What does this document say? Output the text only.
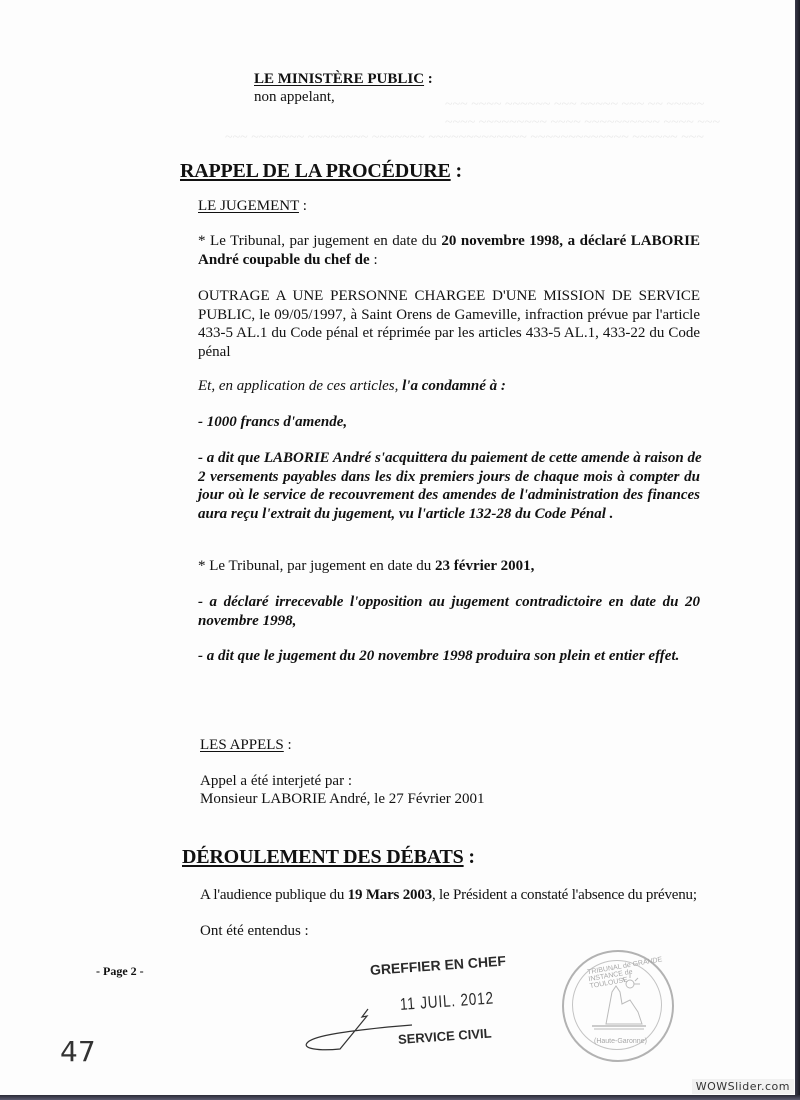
~~~ ~~~~ ~~~~~~ ~~~ ~~~~~ ~~~ ~~ ~~~~~
~~~~ ~~~~~~~~~ ~~~~ ~~~~~~~~~~ ~~~~ ~~~
~~~ ~~~~~~~ ~~~~~~~~ ~~~~~~~ ~~~~~~~~~~~~~ ~~~~~~~~~~~~~ ~~~~~~ ~~~
LE MINISTÈRE PUBLIC :
non appelant,
RAPPEL DE LA PROCÉDURE :
LE JUGEMENT :
* Le Tribunal, par jugement en date du 20 novembre 1998, a déclaré LABORIE
André coupable du chef de :
OUTRAGE A UNE PERSONNE CHARGEE D'UNE MISSION DE SERVICE
PUBLIC, le 09/05/1997, à Saint Orens de Gameville, infraction prévue par l'article
433-5 AL.1 du Code pénal et réprimée par les articles 433-5 AL.1, 433-22 du Code
pénal
Et, en application de ces articles, l'a condamné à :
- 1000 francs d'amende,
- a dit que LABORIE André s'acquittera du paiement de cette amende à raison de
2 versements payables dans les dix premiers jours de chaque mois à compter du
jour où le service de recouvrement des amendes de l'administration des finances
aura reçu l'extrait du jugement, vu l'article 132-28 du Code Pénal .
* Le Tribunal, par jugement en date du 23 février 2001,
- a déclaré irrecevable l'opposition au jugement contradictoire en date du 20
novembre 1998,
- a dit que le jugement du 20 novembre 1998 produira son plein et entier effet.
LES APPELS :
Appel a été interjeté par :
Monsieur LABORIE André, le 27 Février 2001
DÉROULEMENT DES DÉBATS :
A l'audience publique du 19 Mars 2003, le Président a constaté l'absence du prévenu;
Ont été entendus :
- Page 2 -
47
GREFFIER EN CHEF
11 JUIL. 2012
SERVICE CIVIL
TRIBUNAL de GRANDE INSTANCE de TOULOUSE
(Haute-Garonne)
WOWSlider.com
